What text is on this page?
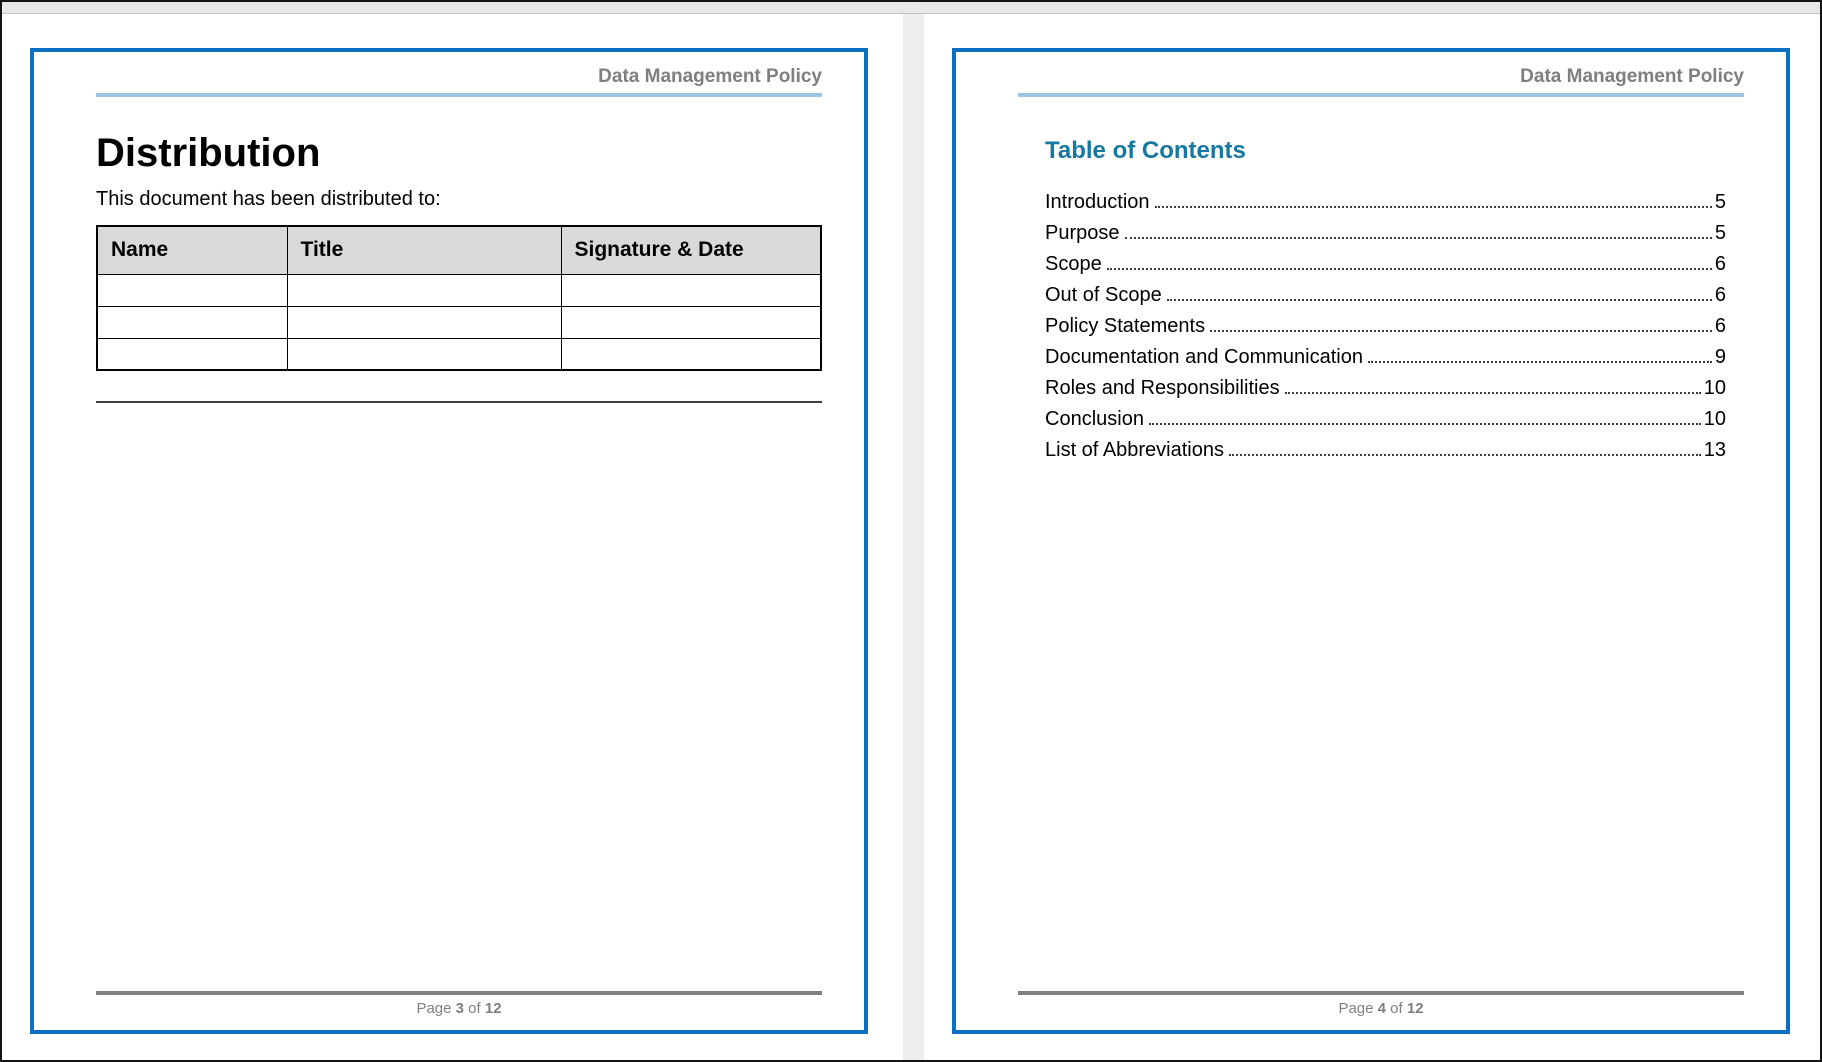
Data Management Policy
Distribution
This document has been distributed to:
Name	Title	Signature & Date

Page 3 of 12
Data Management Policy
Table of Contents
Introduction	5
Purpose	5
Scope	6
Out of Scope	6
Policy Statements	6
Documentation and Communication	9
Roles and Responsibilities	10
Conclusion	10
List of Abbreviations	13
Page 4 of 12
